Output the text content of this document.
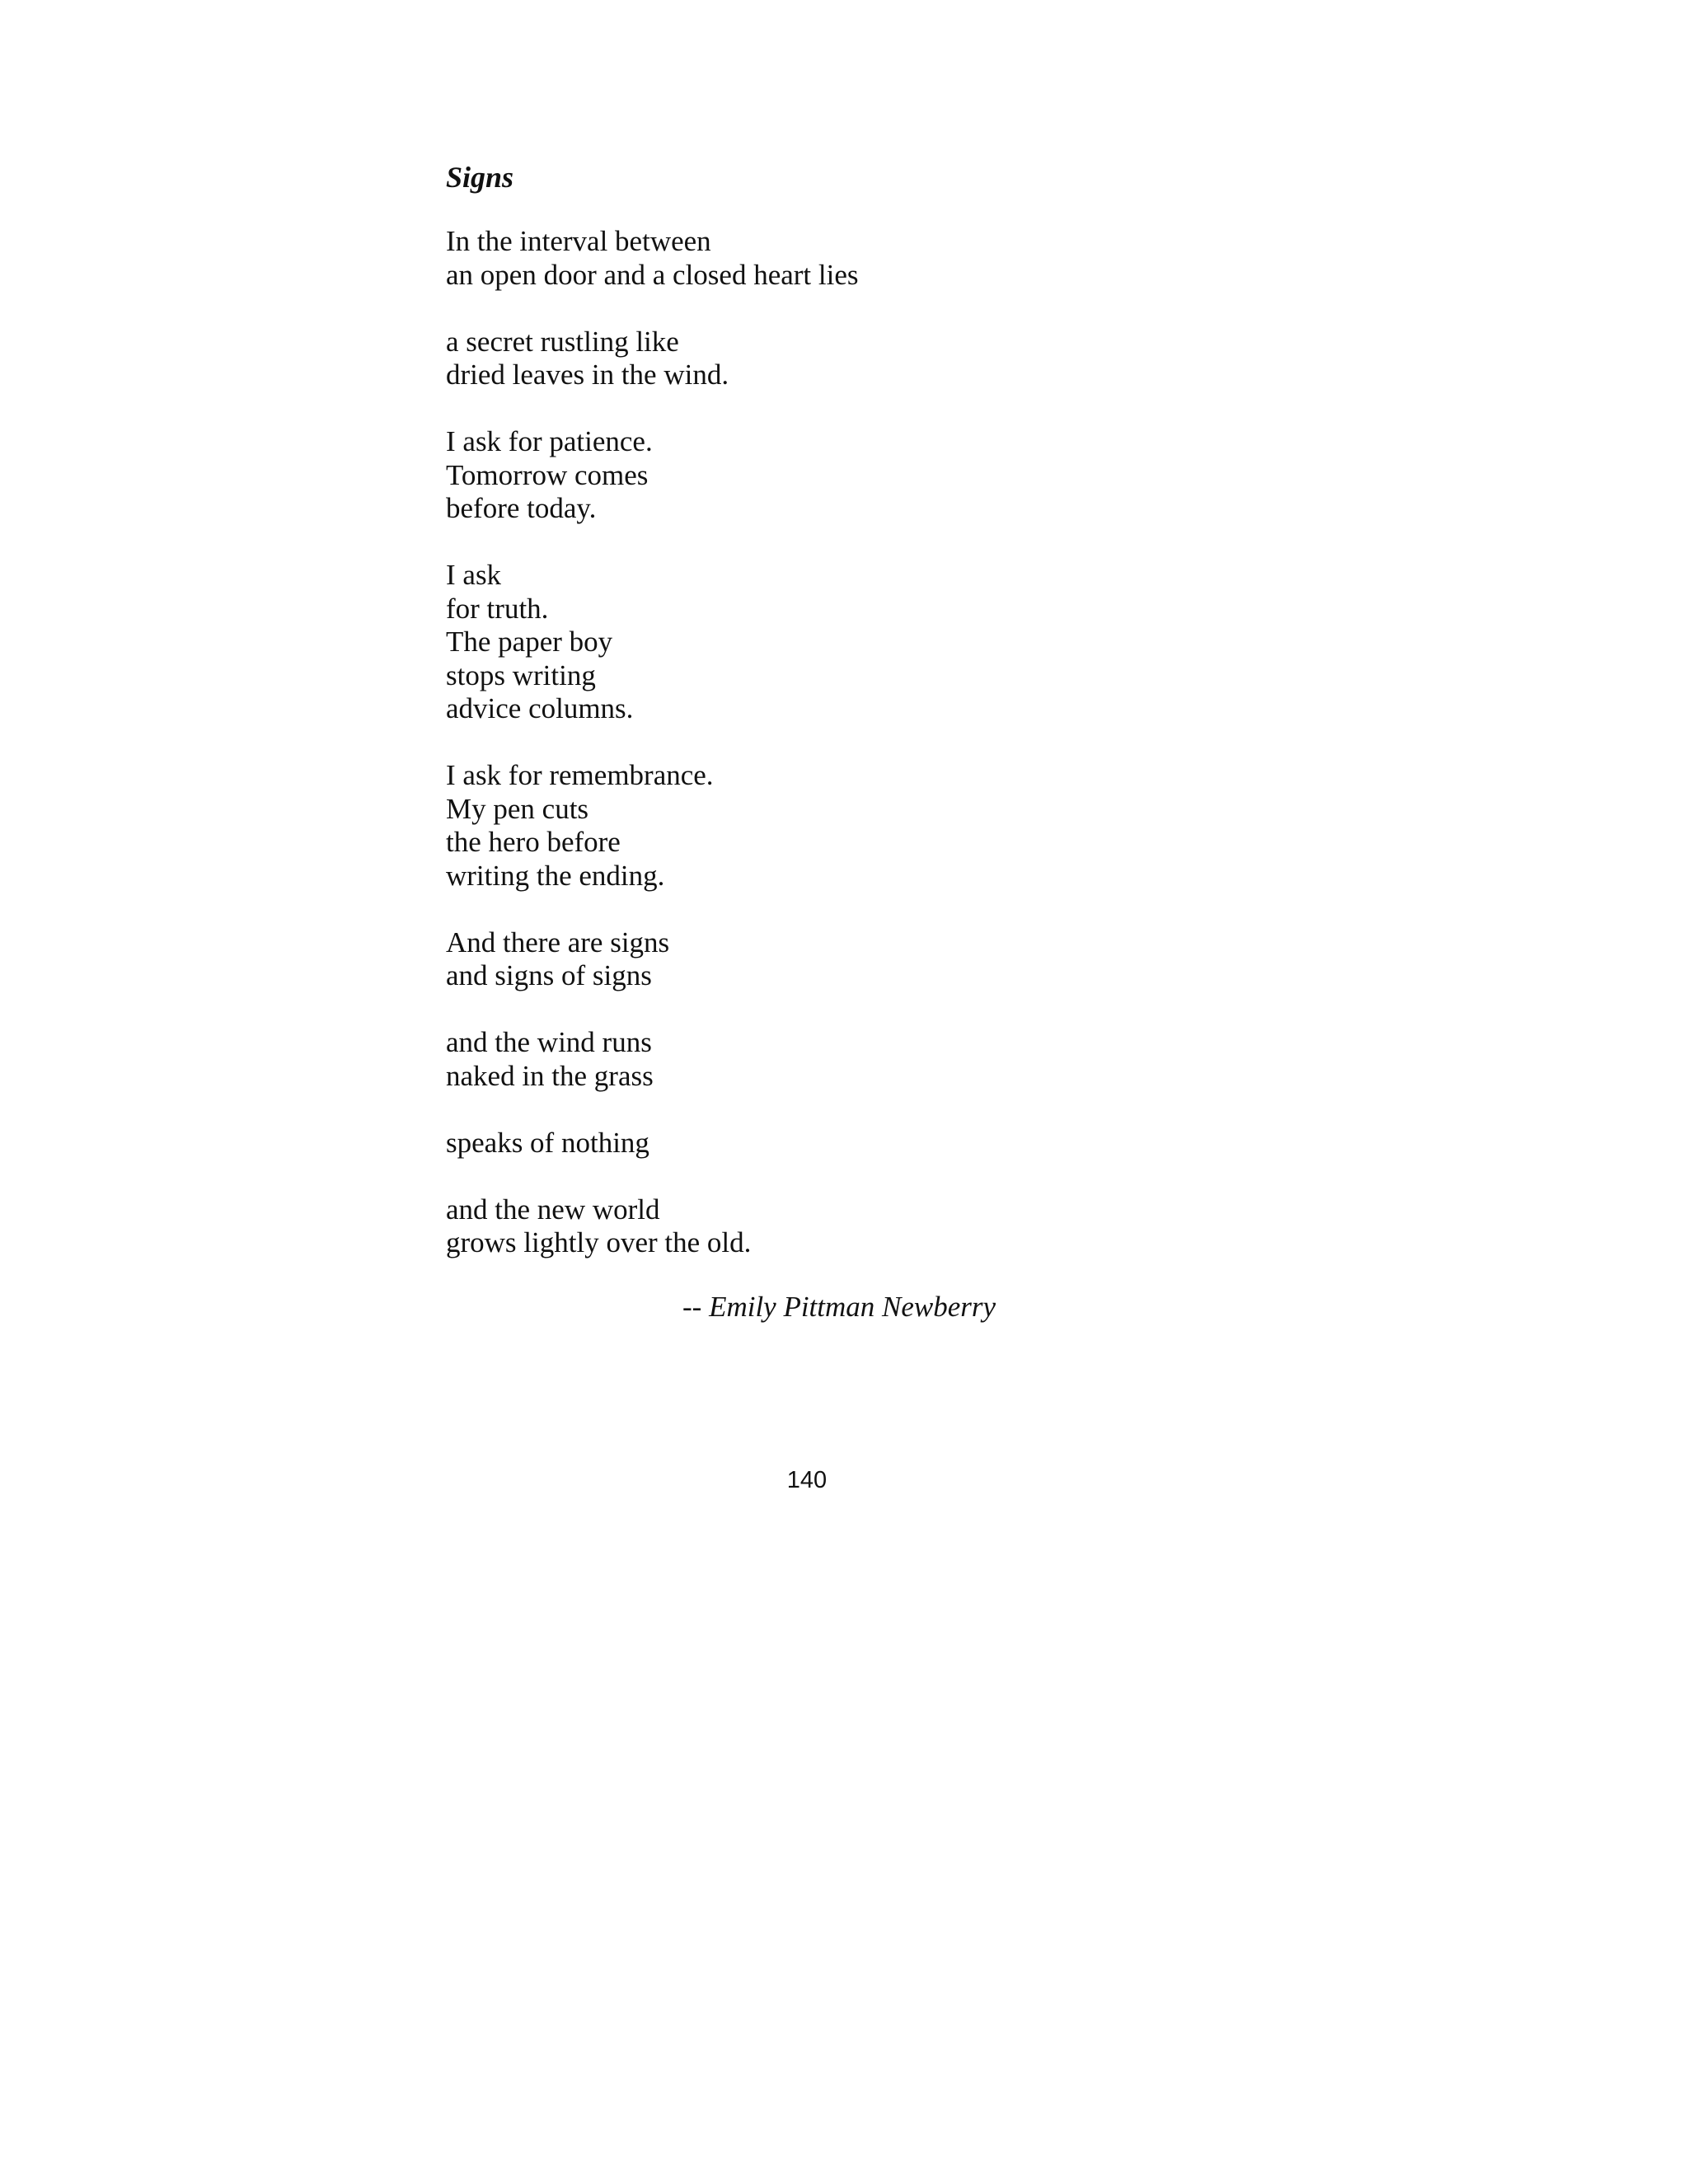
Signs

In the interval between
an open door and a closed heart lies

a secret rustling like
dried leaves in the wind.

I ask for patience.
Tomorrow comes
before today.

I ask
for truth.
The paper boy
stops writing
advice columns.

I ask for remembrance.
My pen cuts
the hero before
writing the ending.

And there are signs
and signs of signs

and the wind runs
naked in the grass

speaks of nothing

and the new world
grows lightly over the old.

-- Emily Pittman Newberry

140
